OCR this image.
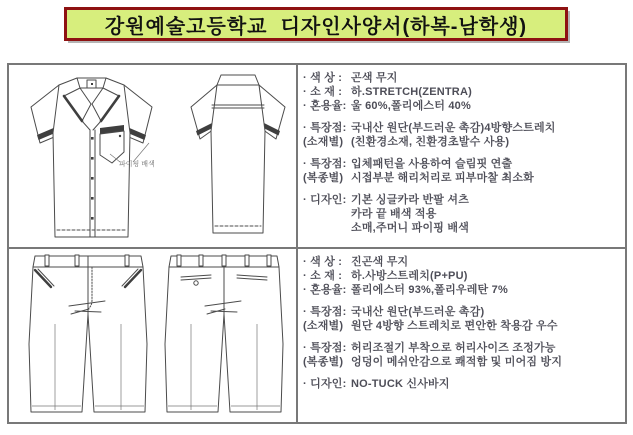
강원예술고등학교  디자인사양서(하복-남학생)
파이핑 배색
· 색 상 : 곤색 무지
· 소 재 : 하.STRETCH(ZENTRA)
· 혼용율: 울 60%,폴리에스터 40%
· 특장점: 국내산 원단(부드러운 촉감)4방향스트레치
(소재별) (친환경소재, 친환경초발수 사용)
· 특장점: 입체패턴을 사용하여 슬림핏 연출
(복종별) 시접부분 해리처리로 피부마찰 최소화
· 디자인: 기본 싱글카라 반팔 셔츠
카라 끝 배색 적용
소매,주머니 파이핑 배색
· 색 상 : 진곤색 무지
· 소 재 : 하.사방스트레치(P+PU)
· 혼용율: 폴리에스터 93%,폴리우레탄 7%
· 특장점: 국내산 원단(부드러운 촉감)
(소재별) 원단 4방향 스트레치로 편안한 착용감 우수
· 특장점: 허리조절기 부착으로 허리사이즈 조정가능
(복종별) 엉덩이 메쉬안감으로 쾌적함 및 미어짐 방지
· 디자인: NO-TUCK 신사바지
